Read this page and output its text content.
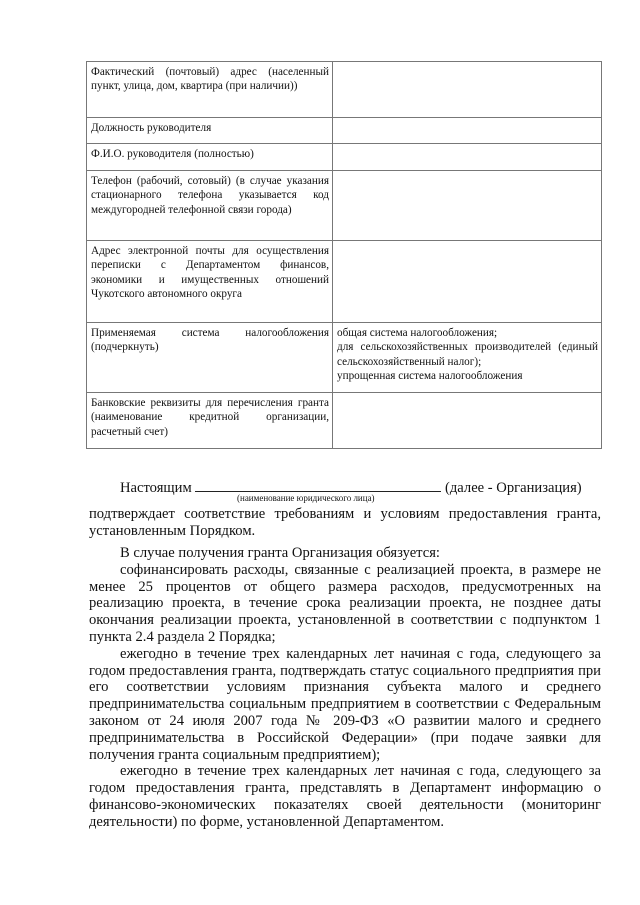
Фактический (почтовый) адрес (населенный пункт, улица, дом, квартира (при наличии))	
Должность руководителя	
Ф.И.О. руководителя (полностью)	
Телефон (рабочий, сотовый) (в случае указания стационарного телефона указывается код междугородней телефонной связи города)	
Адрес электронной почты для осуществления переписки с Департаментом финансов, экономики и имущественных отношений Чукотского автономного округа	
Применяемая система налогообложения (подчеркнуть)	общая система налогообложения;
для сельскохозяйственных производителей (единый сельскохозяйственный налог);
упрощенная система налогообложения

Банковские реквизиты для перечисления гранта (наименование кредитной организации, расчетный счет)	
Настоящим	(далее - Организация)
(наименование юридического лица)
подтверждает соответствие требованиям и условиям предоставления гранта, установленным Порядком.

В случае получения гранта Организация обязуется:

софинансировать расходы, связанные с реализацией проекта, в размере не менее 25 процентов от общего размера расходов, предусмотренных на реализацию проекта, в течение срока реализации проекта, не позднее даты окончания реализации проекта, установленной в соответствии с подпунктом 1 пункта 2.4 раздела 2 Порядка;

ежегодно в течение трех календарных лет начиная с года, следующего за годом предоставления гранта, подтверждать статус социального предприятия при его соответствии условиям признания субъекта малого и среднего предпринимательства социальным предприятием в соответствии с Федеральным законом от 24 июля 2007 года № 209-ФЗ «О развитии малого и среднего предпринимательства в Российской Федерации» (при подаче заявки для получения гранта социальным предприятием);

ежегодно в течение трех календарных лет начиная с года, следующего за годом предоставления гранта, представлять в Департамент информацию о финансово-экономических показателях своей деятельности (мониторинг деятельности) по форме, установленной Департаментом.
